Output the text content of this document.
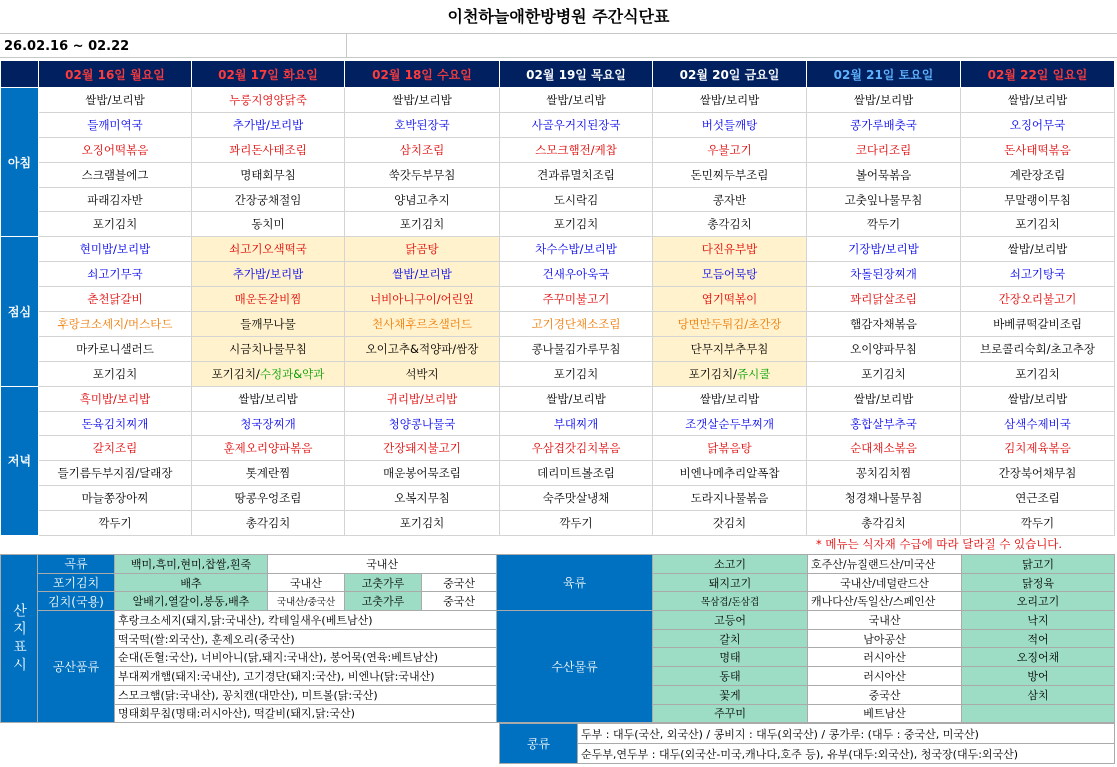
이천하늘애한방병원 주간식단표
26.02.16 ~ 02.22
	02월 16일 월요일	02월 17일 화요일	02월 18일 수요일	02월 19일 목요일	02월 20일 금요일	02월 21일 토요일	02월 22일 일요일
아침	쌀밥/보리밥	누룽지영양닭죽	쌀밥/보리밥	쌀밥/보리밥	쌀밥/보리밥	쌀밥/보리밥	쌀밥/보리밥
	들깨미역국	추가밥/보리밥	호박된장국	사골우거지된장국	버섯들깨탕	콩가루배춧국	오징어무국
	오징어떡볶음	꽈리돈사태조림	삼치조림	스모크햄전/케찹	우불고기	코다리조림	돈사태떡볶음
	스크램블에그	명태회무침	쑥갓두부무침	견과류멸치조림	돈민찌두부조림	볼어묵볶음	계란장조림
	파래김자반	간장궁채절임	양념고추지	도시락김	콩자반	고춧잎나물무침	무말랭이무침
	포기김치	동치미	포기김치	포기김치	총각김치	깍두기	포기김치
점심	현미밥/보리밥	쇠고기오색떡국	닭곰탕	차수수밥/보리밥	다진유부밥	기장밥/보리밥	쌀밥/보리밥
	쇠고기무국	추가밥/보리밥	쌀밥/보리밥	건새우아욱국	모듬어묵탕	차돌된장찌개	쇠고기탕국
	춘천닭갈비	매운돈갈비찜	너비아니구이/어린잎	주꾸미불고기	엽기떡볶이	꽈리닭살조림	간장오리불고기
	후랑크소세지/머스타드	들깨무나물	천사채후르츠샐러드	고기경단채소조림	당면만두튀김/초간장	햄감자채볶음	바베큐떡갈비조림
	마카로니샐러드	시금치나물무침	오이고추&적양파/쌈장	콩나물김가루무침	단무지부추무침	오이양파무침	브로콜리숙회/초고추장
	포기김치	포기김치/수정과&약과	석박지	포기김치	포기김치/쥬시쿨	포기김치	포기김치
저녁	흑미밥/보리밥	쌀밥/보리밥	귀리밥/보리밥	쌀밥/보리밥	쌀밥/보리밥	쌀밥/보리밥	쌀밥/보리밥
	돈육김치찌개	청국장찌개	청양콩나물국	부대찌개	조갯살순두부찌개	홍합살부추국	삼색수제비국
	갈치조림	훈제오리양파볶음	간장돼지불고기	우삼겹갓김치볶음	닭볶음탕	순대채소볶음	김치제육볶음
	들기름두부지짐/달래장	톳계란찜	매운봉어묵조림	데리미트볼조림	비엔나메추리알폭찹	꽁치김치찜	간장북어채무침
	마늘쫑장아찌	땅콩우엉조림	오복지무침	숙주맛살냉채	도라지나물볶음	청경채나물무침	연근조림
	깍두기	총각김치	포기김치	깍두기	갓김치	총각김치	깍두기
* 메뉴는 식자재 수급에 따라 달라질 수 있습니다.
산지표시	곡류	백미,흑미,현미,찹쌀,흰죽	국내산			육류	소고기	호주산/뉴질랜드산/미국산	닭고기	
	포기김치	배추	국내산	고춧가루	중국산		돼지고기	국내산/네덜란드산	닭정육	
	김치(국용)	알배기,열갈이,봉동,배추	국내산/중국산	고춧가루	중국산		목삼겹/돈삼겹	캐나다산/독일산/스페인산	오리고기	
	공산품류	후랑크소세지(돼지,닭:국내산), 칵테일새우(베트남산)				수산물류	고등어	국내산	낙지	
		떡국떡(쌀:외국산), 훈제오리(중국산)					갈치	남아공산	적어	
		순대(돈혈:국산), 너비아니(닭,돼지:국내산), 봉어묵(연육:베트남산)					명태	러시아산	오징어채	
		부대찌개햄(돼지:국내산), 고기경단(돼지:국산), 비엔나(닭:국내산)					동태	러시아산	방어	
		스모크햄(닭:국내산), 꽁치캔(대만산), 미트볼(닭:국산)					꽃게	중국산	삼치	
		명태회무침(명태:러시아산), 떡갈비(돼지,닭:국산)					주꾸미	베트남산		

콩류	두부 : 대두(국산, 외국산) / 콩비지 : 대두(외국산) / 콩가루: (대두 : 중국산, 미국산)
순두부,연두부 : 대두(외국산-미국,캐나다,호주 등), 유부(대두:외국산), 청국장(대두:외국산)
